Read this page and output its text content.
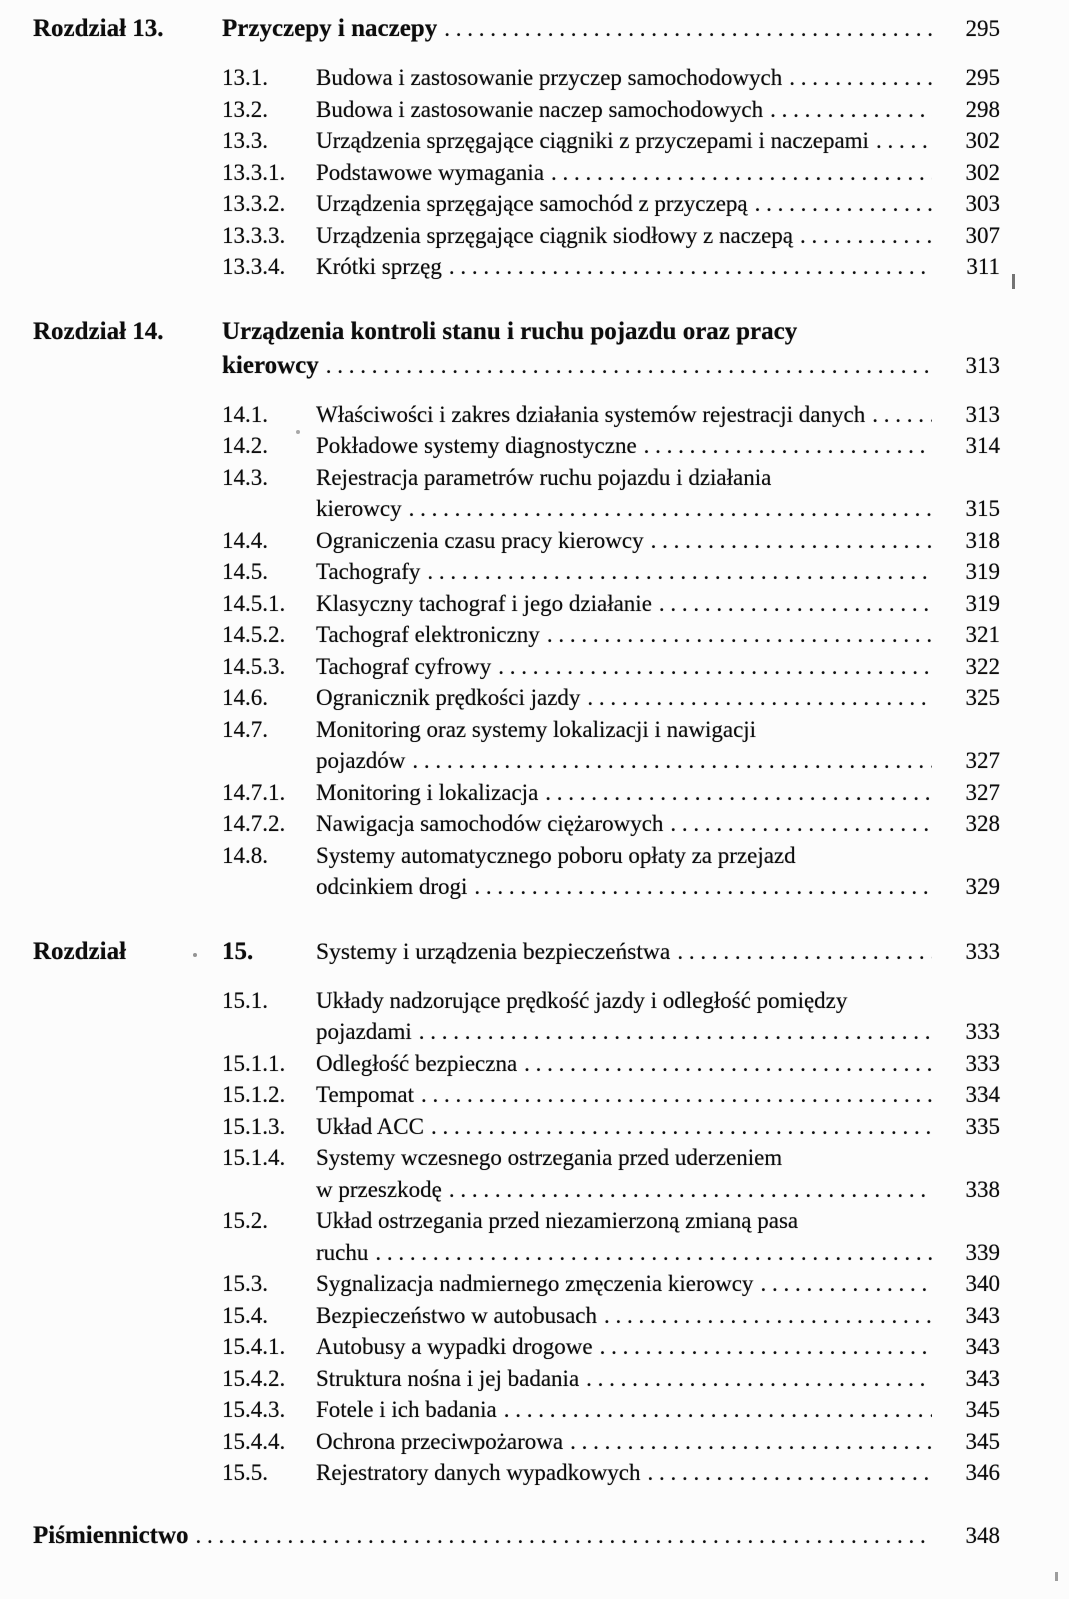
Rozdział 13.	Przyczepy i naczepy . . .	295
13.1.	Budowa i zastosowanie przyczep samochodowych . . .	295
13.2.	Budowa i zastosowanie naczep samochodowych . . .	298
13.3.	Urządzenia sprzęgające ciągniki z przyczepami i naczepami . . .	302
13.3.1.	Podstawowe wymagania . . .	302
13.3.2.	Urządzenia sprzęgające samochód z przyczepą . . .	303
13.3.3.	Urządzenia sprzęgające ciągnik siodłowy z naczepą . . .	307
13.3.4.	Krótki sprzęg . . .	311
Rozdział 14.	Urządzenia kontroli stanu i ruchu pojazdu oraz pracy
kierowcy . . .	313
14.1.	Właściwości i zakres działania systemów rejestracji danych . . .	313
14.2.	Pokładowe systemy diagnostyczne . . .	314
14.3.	Rejestracja parametrów ruchu pojazdu i działania
kierowcy . . .	315
14.4.	Ograniczenia czasu pracy kierowcy . . .	318
14.5.	Tachografy . . .	319
14.5.1.	Klasyczny tachograf i jego działanie . . .	319
14.5.2.	Tachograf elektroniczny . . .	321
14.5.3.	Tachograf cyfrowy . . .	322
14.6.	Ogranicznik prędkości jazdy . . .	325
14.7.	Monitoring oraz systemy lokalizacji i nawigacji
pojazdów . . .	327
14.7.1.	Monitoring i lokalizacja . . .	327
14.7.2.	Nawigacja samochodów ciężarowych . . .	328
14.8.	Systemy automatycznego poboru opłaty za przejazd
odcinkiem drogi . . .	329
Rozdział	15.	Systemy i urządzenia bezpieczeństwa . . .	333
15.1.	Układy nadzorujące prędkość jazdy i odległość pomiędzy
pojazdami . . .	333
15.1.1.	Odległość bezpieczna . . .	333
15.1.2.	Tempomat . . .	334
15.1.3.	Układ ACC . . .	335
15.1.4.	Systemy wczesnego ostrzegania przed uderzeniem
w przeszkodę . . .	338
15.2.	Układ ostrzegania przed niezamierzoną zmianą pasa
ruchu . . .	339
15.3.	Sygnalizacja nadmiernego zmęczenia kierowcy . . .	340
15.4.	Bezpieczeństwo w autobusach . . .	343
15.4.1.	Autobusy a wypadki drogowe . . .	343
15.4.2.	Struktura nośna i jej badania . . .	343
15.4.3.	Fotele i ich badania . . .	345
15.4.4.	Ochrona przeciwpożarowa . . .	345
15.5.	Rejestratory danych wypadkowych . . .	346
Piśmiennictwo . . .	348
